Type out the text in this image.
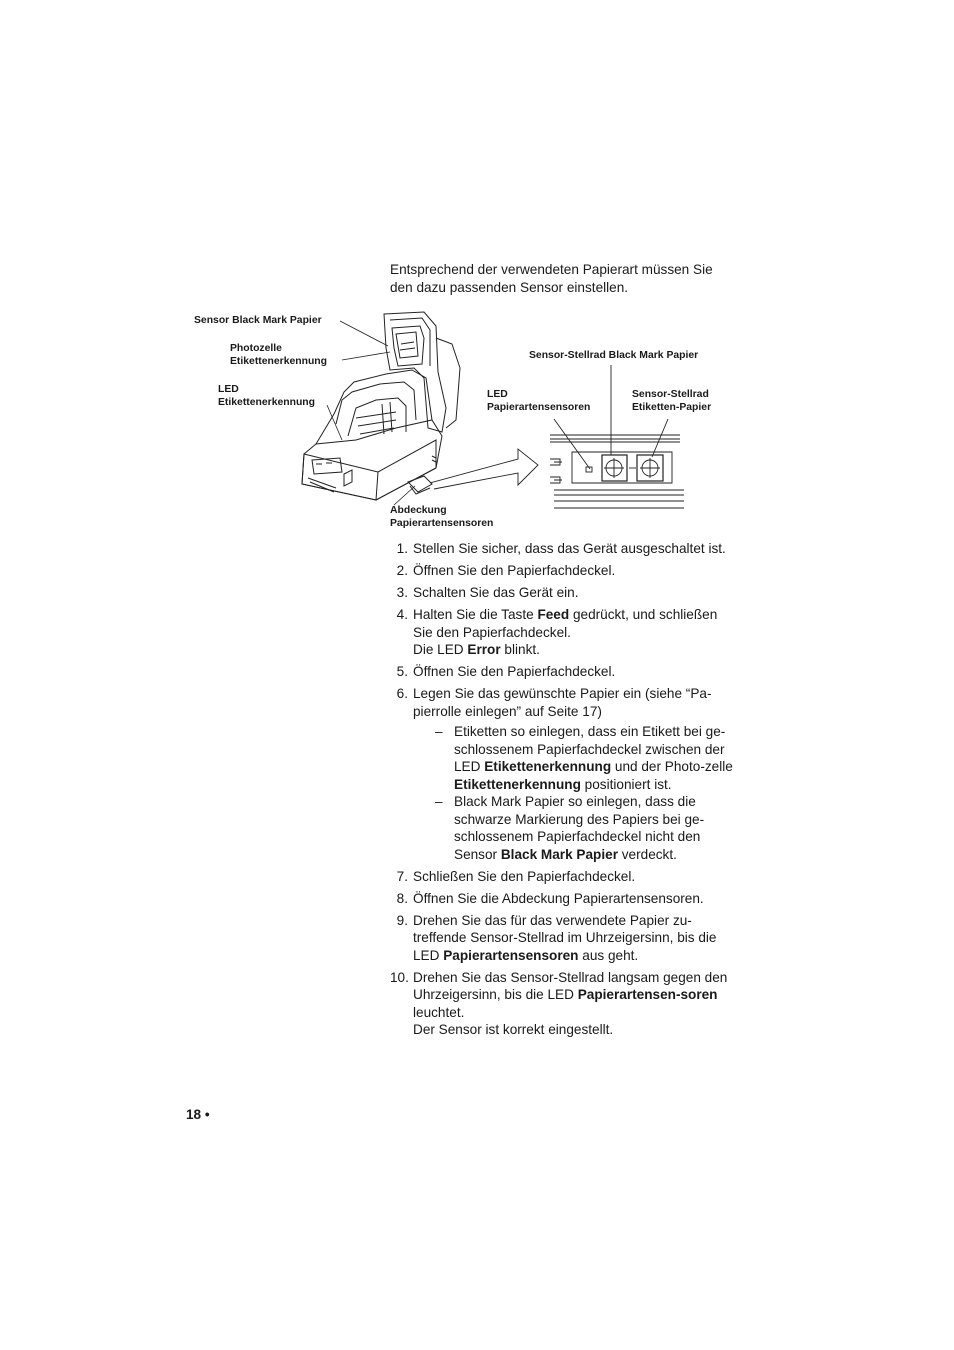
Entsprechend der verwendeten Papierart müssen Sie den dazu passenden Sensor einstellen.
Sensor Black Mark Papier
Photozelle
Etikettenerkennung
LED
Etikettenerkennung
Abdeckung
Papierartensensoren
Sensor-Stellrad Black Mark Papier
LED
Papierartensensoren
Sensor-Stellrad
Etiketten-Papier
1. Stellen Sie sicher, dass das Gerät ausgeschaltet ist.

2. Öffnen Sie den Papierfachdeckel.

3. Schalten Sie das Gerät ein.

4. Halten Sie die Taste Feed gedrückt, und schließen Sie den Papierfachdeckel.

Die LED Error blinkt.

5. Öffnen Sie den Papierfachdeckel.

6. Legen Sie das gewünschte Papier ein (siehe “Pa-pierrolle einlegen” auf Seite 17)

– Etiketten so einlegen, dass ein Etikett bei ge-schlossenem Papierfachdeckel zwischen der LED Etikettenerkennung und der Photo-zelle Etikettenerkennung positioniert ist.
– Black Mark Papier so einlegen, dass die schwarze Markierung des Papiers bei ge-schlossenem Papierfachdeckel nicht den Sensor Black Mark Papier verdeckt.
7. Schließen Sie den Papierfachdeckel.

8. Öffnen Sie die Abdeckung Papierartensensoren.

9. Drehen Sie das für das verwendete Papier zu-treffende Sensor-Stellrad im Uhrzeigersinn, bis die LED Papierartensensoren aus geht.

10. Drehen Sie das Sensor-Stellrad langsam gegen den Uhrzeigersinn, bis die LED Papierartensen-soren leuchtet.

Der Sensor ist korrekt eingestellt.

18 •
